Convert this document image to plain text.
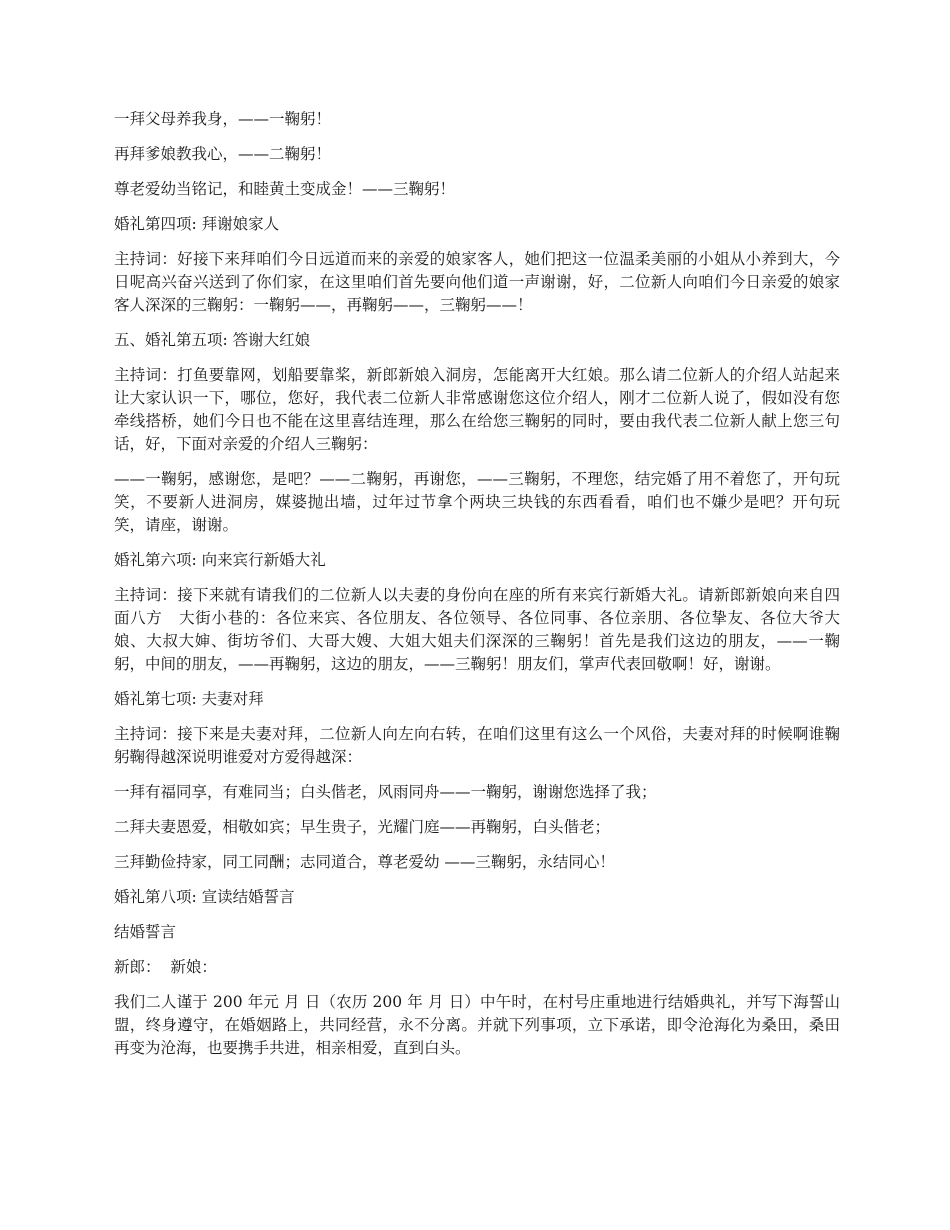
一拜父母养我身，——一鞠躬！

再拜爹娘教我心，——二鞠躬！

尊老爱幼当铭记，和睦黄土变成金！——三鞠躬！

婚礼第四项: 拜谢娘家人

主持词：好接下来拜咱们今日远道而来的亲爱的娘家客人，她们把这一位温柔美丽的小姐从小养到大，今日呢高兴奋兴送到了你们家，在这里咱们首先要向他们道一声谢谢，好，二位新人向咱们今日亲爱的娘家客人深深的三鞠躬：一鞠躬——，再鞠躬——，三鞠躬——！

五、婚礼第五项: 答谢大红娘

主持词：打鱼要靠网，划船要靠桨，新郎新娘入洞房，怎能离开大红娘。那么请二位新人的介绍人站起来让大家认识一下，哪位，您好，我代表二位新人非常感谢您这位介绍人，刚才二位新人说了，假如没有您牵线搭桥，她们今日也不能在这里喜结连理，那么在给您三鞠躬的同时，要由我代表二位新人献上您三句话，好，下面对亲爱的介绍人三鞠躬：

——一鞠躬，感谢您，是吧？——二鞠躬，再谢您，——三鞠躬，不理您，结完婚了用不着您了，开句玩笑，不要新人进洞房，媒婆抛出墙，过年过节拿个两块三块钱的东西看看，咱们也不嫌少是吧？开句玩笑，请座，谢谢。

婚礼第六项: 向来宾行新婚大礼

主持词：接下来就有请我们的二位新人以夫妻的身份向在座的所有来宾行新婚大礼。请新郎新娘向来自四面八方   大街小巷的：各位来宾、各位朋友、各位领导、各位同事、各位亲朋、各位挚友、各位大爷大娘、大叔大婶、街坊爷们、大哥大嫂、大姐大姐夫们深深的三鞠躬！首先是我们这边的朋友，——一鞠躬，中间的朋友，——再鞠躬，这边的朋友，——三鞠躬！朋友们，掌声代表回敬啊！好，谢谢。

婚礼第七项: 夫妻对拜

主持词：接下来是夫妻对拜，二位新人向左向右转，在咱们这里有这么一个风俗，夫妻对拜的时候啊谁鞠躬鞠得越深说明谁爱对方爱得越深：

一拜有福同享，有难同当；白头偕老，风雨同舟——一鞠躬，谢谢您选择了我；

二拜夫妻恩爱，相敬如宾；早生贵子，光耀门庭——再鞠躬，白头偕老；

三拜勤俭持家，同工同酬；志同道合，尊老爱幼 ——三鞠躬，永结同心！

婚礼第八项: 宣读结婚誓言

结婚誓言

新郎：  新娘：

我们二人谨于 200 年元 月 日（农历 200 年 月 日）中午时，在村号庄重地进行结婚典礼，并写下海誓山盟，终身遵守，在婚姻路上，共同经营，永不分离。并就下列事项，立下承诺，即令沧海化为桑田，桑田再变为沧海，也要携手共进，相亲相爱，直到白头。
